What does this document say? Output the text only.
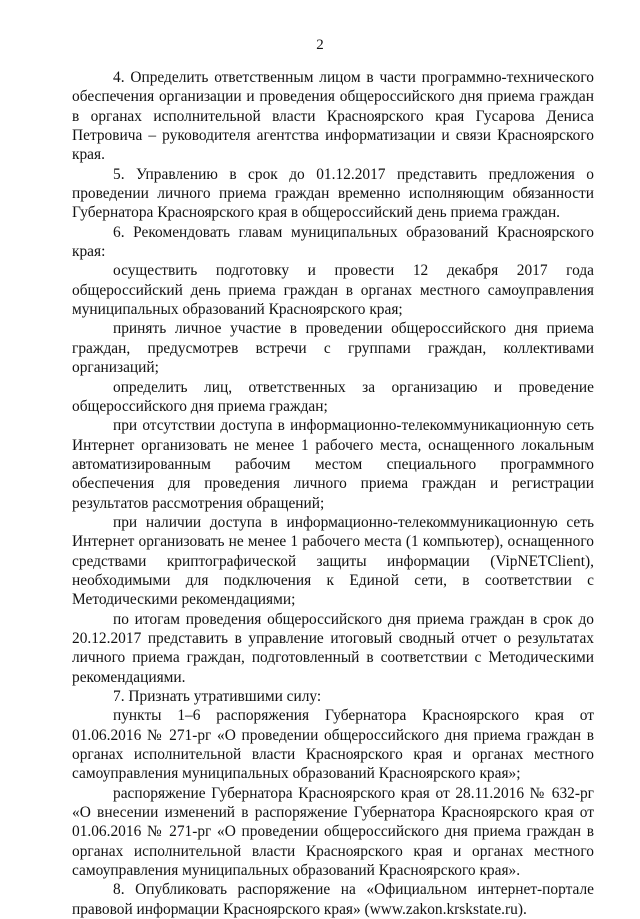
2

4. Определить ответственным лицом в части программно-технического обеспечения организации и проведения общероссийского дня приема граждан в органах исполнительной власти Красноярского края Гусарова Дениса Петровича – руководителя агентства информатизации и связи Красноярского края.

5. Управлению в срок до 01.12.2017 представить предложения о проведении личного приема граждан временно исполняющим обязанности Губернатора Красноярского края в общероссийский день приема граждан.

6. Рекомендовать главам муниципальных образований Красноярского края:

осуществить подготовку и провести 12 декабря 2017 года общероссийский день приема граждан в органах местного самоуправления муниципальных образований Красноярского края;

принять личное участие в проведении общероссийского дня приема граждан, предусмотрев встречи с группами граждан, коллективами организаций;

определить лиц, ответственных за организацию и проведение общероссийского дня приема граждан;

при отсутствии доступа в информационно-телекоммуникационную сеть Интернет организовать не менее 1 рабочего места, оснащенного локальным автоматизированным рабочим местом специального программного обеспечения для проведения личного приема граждан и регистрации результатов рассмотрения обращений;

при наличии доступа в информационно-телекоммуникационную сеть Интернет организовать не менее 1 рабочего места (1 компьютер), оснащенного средствами криптографической защиты информации (VipNETClient), необходимыми для подключения к Единой сети, в соответствии с Методическими рекомендациями;

по итогам проведения общероссийского дня приема граждан в срок до 20.12.2017 представить в управление итоговый сводный отчет о результатах личного приема граждан, подготовленный в соответствии с Методическими рекомендациями.

7. Признать утратившими силу:

пункты 1–6 распоряжения Губернатора Красноярского края от 01.06.2016 № 271-рг «О проведении общероссийского дня приема граждан в органах исполнительной власти Красноярского края и органах местного самоуправления муниципальных образований Красноярского края»;

распоряжение Губернатора Красноярского края от 28.11.2016 № 632-рг «О внесении изменений в распоряжение Губернатора Красноярского края от 01.06.2016 № 271-рг «О проведении общероссийского дня приема граждан в органах исполнительной власти Красноярского края и органах местного самоуправления муниципальных образований Красноярского края».

8. Опубликовать распоряжение на «Официальном интернет-портале правовой информации Красноярского края» (www.zakon.krskstate.ru).
